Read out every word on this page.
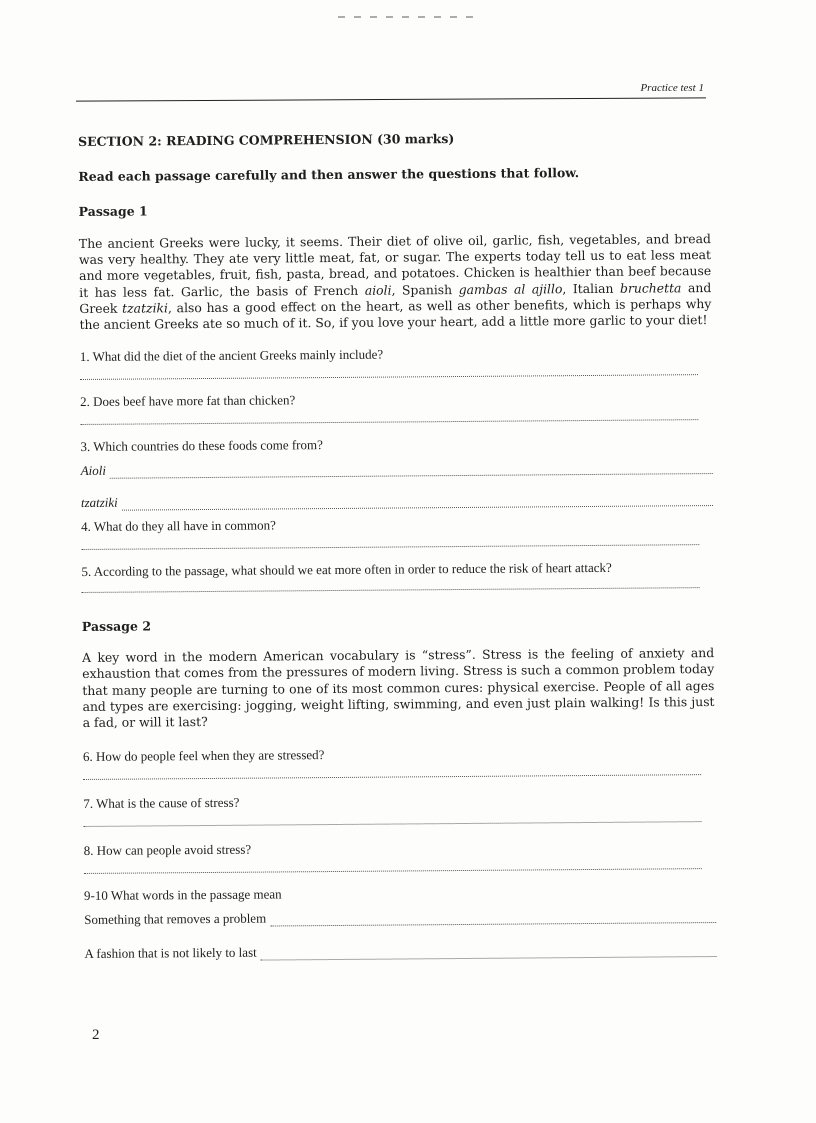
Practice test 1
SECTION 2: READING COMPREHENSION (30 marks)
Read each passage carefully and then answer the questions that follow.
Passage 1
The ancient Greeks were lucky, it seems. Their diet of olive oil, garlic, fish, vegetables, and bread was very healthy. They ate very little meat, fat, or sugar. The experts today tell us to eat less meat and more vegetables, fruit, fish, pasta, bread, and potatoes. Chicken is healthier than beef because it has less fat. Garlic, the basis of French aioli, Spanish gambas al ajillo, Italian bruchetta and Greek tzatziki, also has a good effect on the heart, as well as other benefits, which is perhaps why the ancient Greeks ate so much of it. So, if you love your heart, add a little more garlic to your diet!
1. What did the diet of the ancient Greeks mainly include?
2. Does beef have more fat than chicken?
3. Which countries do these foods come from?
Aioli
tzatziki
4. What do they all have in common?
5. According to the passage, what should we eat more often in order to reduce the risk of heart attack?
Passage 2
A key word in the modern American vocabulary is “stress”. Stress is the feeling of anxiety and exhaustion that comes from the pressures of modern living. Stress is such a common problem today that many people are turning to one of its most common cures: physical exercise. People of all ages and types are exercising: jogging, weight lifting, swimming, and even just plain walking! Is this just a fad, or will it last?
6. How do people feel when they are stressed?
7. What is the cause of stress?
8. How can people avoid stress?
9-10 What words in the passage mean
Something that removes a problem
A fashion that is not likely to last
2
